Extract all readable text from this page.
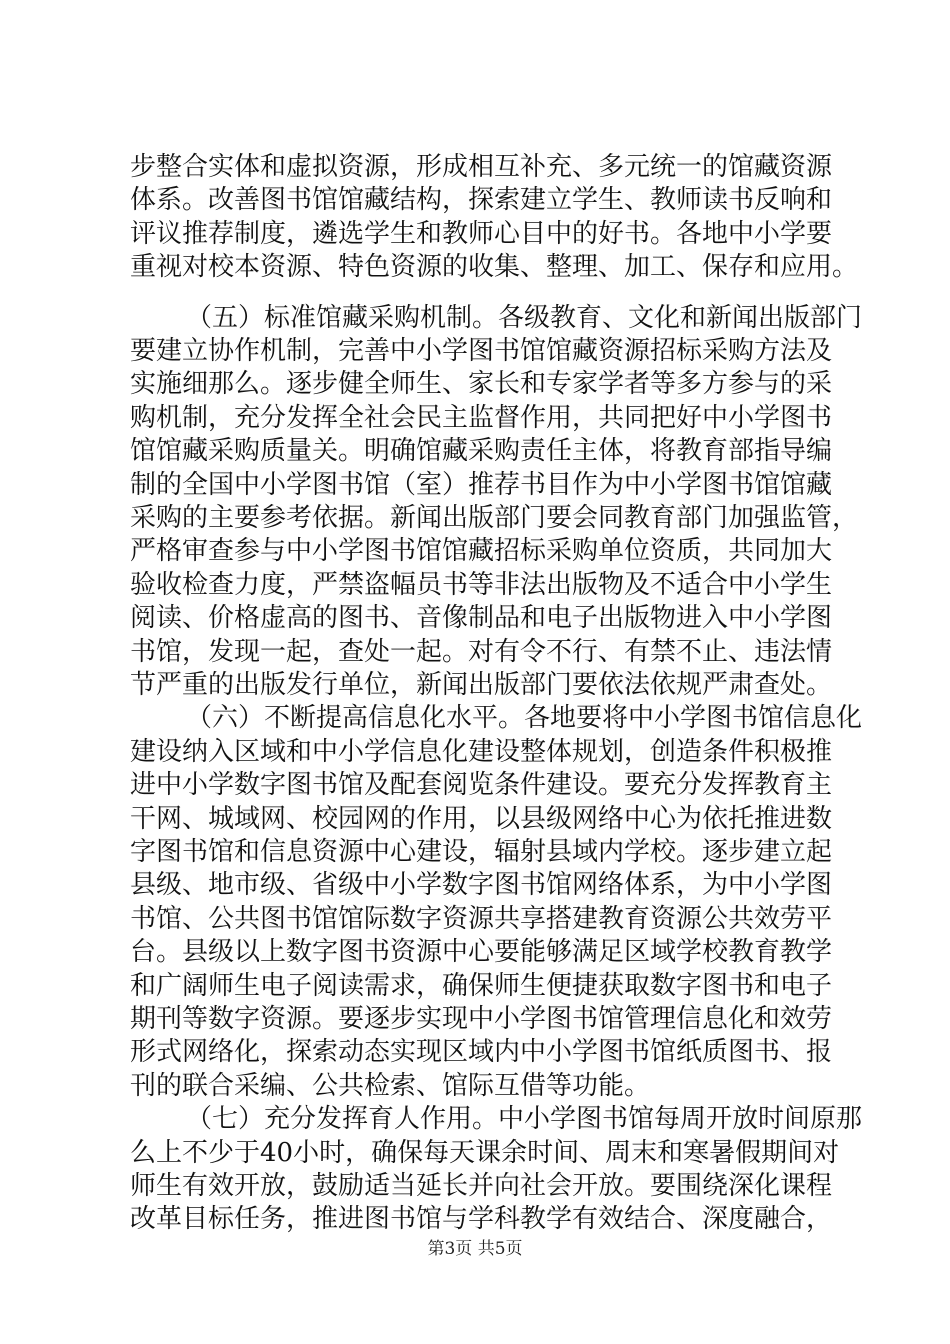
步整合实体和虚拟资源，形成相互补充、多元统一的馆藏资源
体系。改善图书馆馆藏结构，探索建立学生、教师读书反响和
评议推荐制度，遴选学生和教师心目中的好书。各地中小学要
重视对校本资源、特色资源的收集、整理、加工、保存和应用。
（五）标准馆藏采购机制。各级教育、文化和新闻出版部门
要建立协作机制，完善中小学图书馆馆藏资源招标采购方法及
实施细那么。逐步健全师生、家长和专家学者等多方参与的采
购机制，充分发挥全社会民主监督作用，共同把好中小学图书
馆馆藏采购质量关。明确馆藏采购责任主体，将教育部指导编
制的全国中小学图书馆（室）推荐书目作为中小学图书馆馆藏
采购的主要参考依据。新闻出版部门要会同教育部门加强监管，
严格审查参与中小学图书馆馆藏招标采购单位资质，共同加大
验收检查力度，严禁盗幅员书等非法出版物及不适合中小学生
阅读、价格虚高的图书、音像制品和电子出版物进入中小学图
书馆，发现一起，查处一起。对有令不行、有禁不止、违法情
节严重的出版发行单位，新闻出版部门要依法依规严肃查处。
（六）不断提高信息化水平。各地要将中小学图书馆信息化
建设纳入区域和中小学信息化建设整体规划，创造条件积极推
进中小学数字图书馆及配套阅览条件建设。要充分发挥教育主
干网、城域网、校园网的作用，以县级网络中心为依托推进数
字图书馆和信息资源中心建设，辐射县域内学校。逐步建立起
县级、地市级、省级中小学数字图书馆网络体系，为中小学图
书馆、公共图书馆馆际数字资源共享搭建教育资源公共效劳平
台。县级以上数字图书资源中心要能够满足区域学校教育教学
和广阔师生电子阅读需求，确保师生便捷获取数字图书和电子
期刊等数字资源。要逐步实现中小学图书馆管理信息化和效劳
形式网络化，探索动态实现区域内中小学图书馆纸质图书、报
刊的联合采编、公共检索、馆际互借等功能。
（七）充分发挥育人作用。中小学图书馆每周开放时间原那
么上不少于40小时，确保每天课余时间、周末和寒暑假期间对
师生有效开放，鼓励适当延长并向社会开放。要围绕深化课程
改革目标任务，推进图书馆与学科教学有效结合、深度融合，
第3页 共5页
